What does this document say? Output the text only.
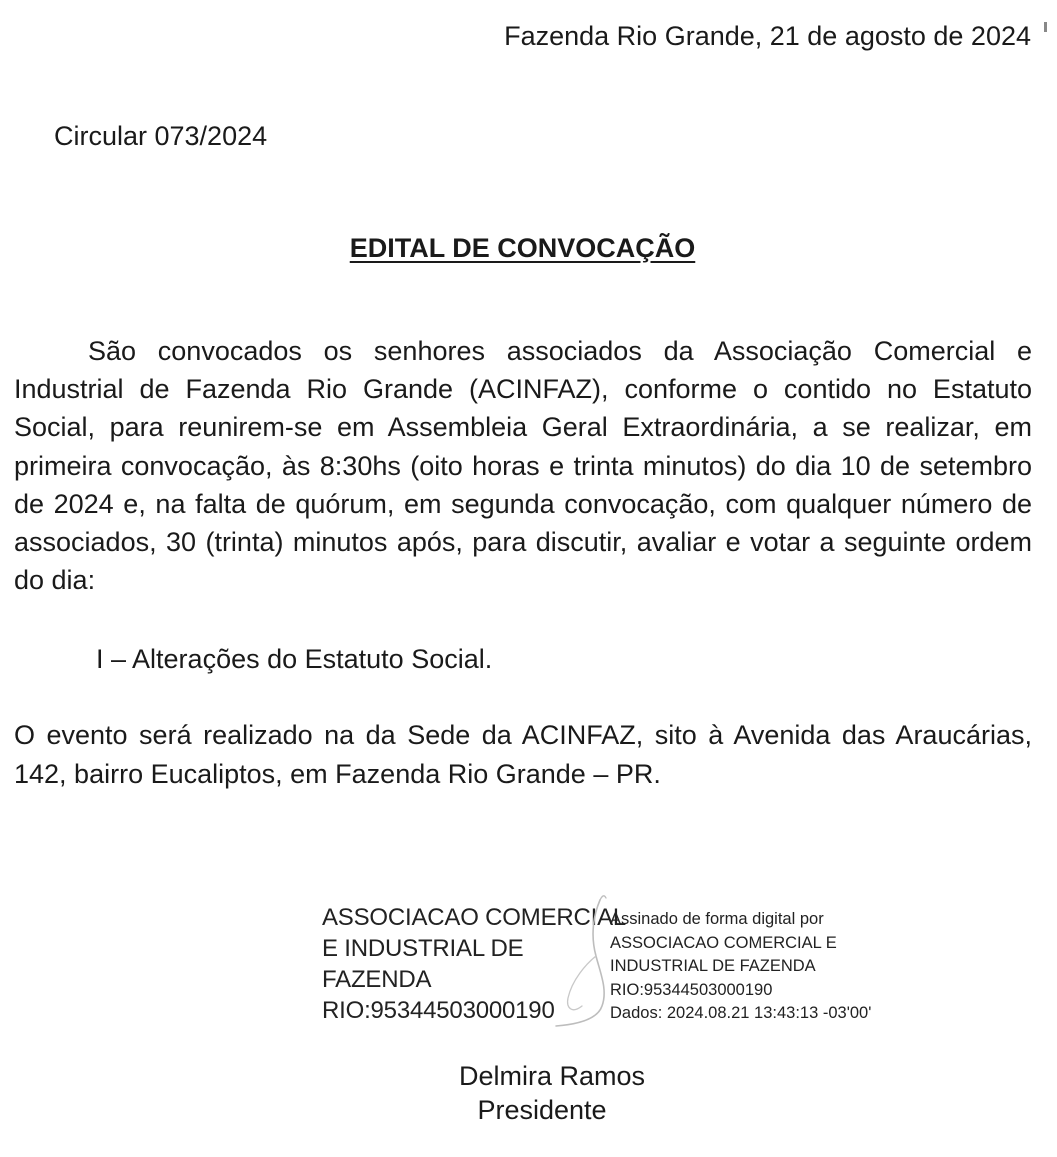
Fazenda Rio Grande, 21 de agosto de 2024
Circular 073/2024
EDITAL DE CONVOCAÇÃO

São convocados os senhores associados da Associação Comercial e Industrial de Fazenda Rio Grande (ACINFAZ), conforme o contido no Estatuto Social, para reunirem-se em Assembleia Geral Extraordinária, a se realizar, em primeira convocação, às 8:30hs (oito horas e trinta minutos) do dia 10 de setembro de 2024 e, na falta de quórum, em segunda convocação, com qualquer número de associados, 30 (trinta) minutos após, para discutir, avaliar e votar a seguinte ordem do dia:

I – Alterações do Estatuto Social.

O evento será realizado na da Sede da ACINFAZ, sito à Avenida das Araucárias, 142, bairro Eucaliptos, em Fazenda Rio Grande – PR.

ASSOCIACAO COMERCIAL
E INDUSTRIAL DE
FAZENDA
RIO:95344503000190
Assinado de forma digital por
ASSOCIACAO COMERCIAL E
INDUSTRIAL DE FAZENDA
RIO:95344503000190
Dados: 2024.08.21 13:43:13 -03'00'
Delmira Ramos
Presidente
